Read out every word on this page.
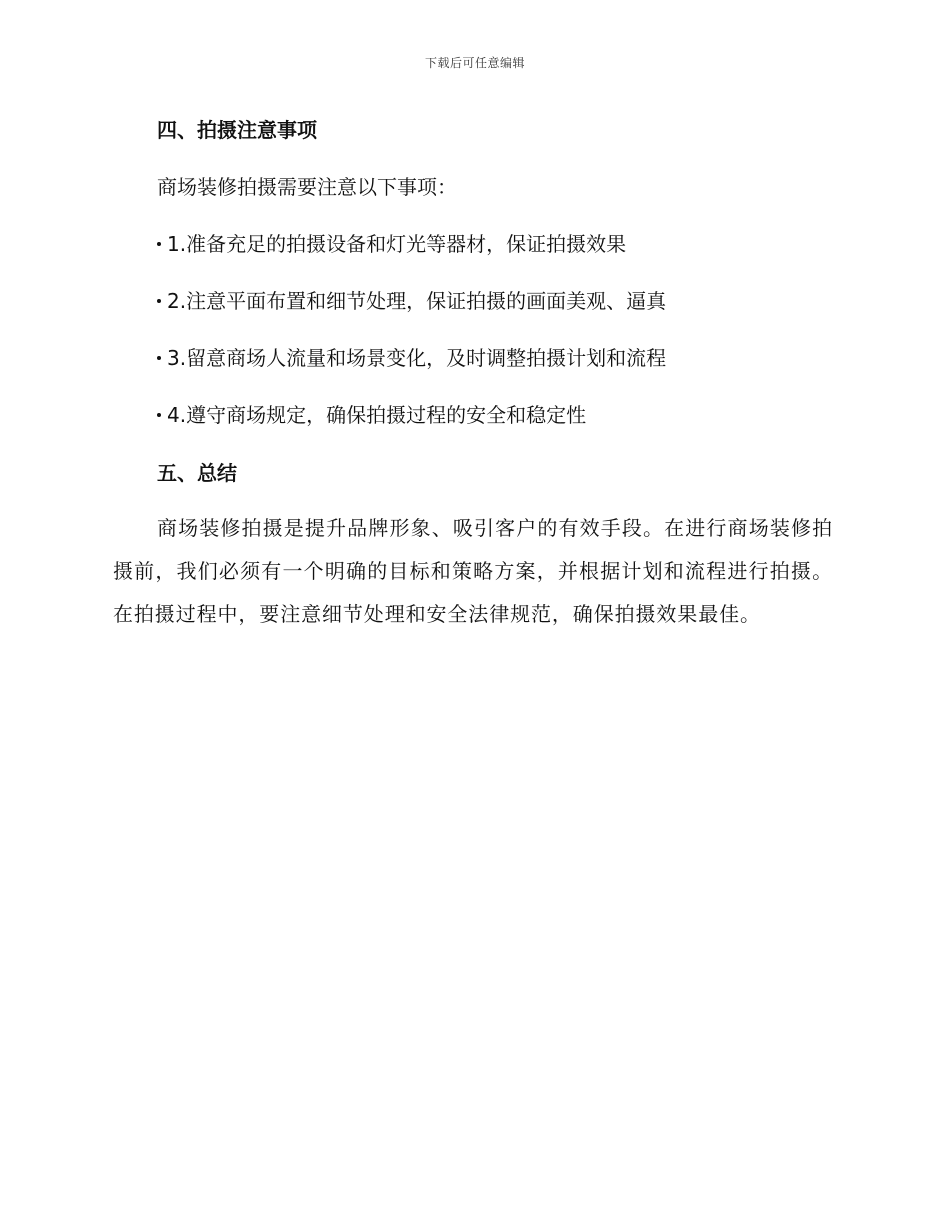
下载后可任意编辑
四、拍摄注意事项
商场装修拍摄需要注意以下事项：
1.准备充足的拍摄设备和灯光等器材，保证拍摄效果
2.注意平面布置和细节处理，保证拍摄的画面美观、逼真
3.留意商场人流量和场景变化，及时调整拍摄计划和流程
4.遵守商场规定，确保拍摄过程的安全和稳定性
五、总结
商场装修拍摄是提升品牌形象、吸引客户的有效手段。在进行商场装修拍摄前，我们必须有一个明确的目标和策略方案，并根据计划和流程进行拍摄。在拍摄过程中，要注意细节处理和安全法律规范，确保拍摄效果最佳。
